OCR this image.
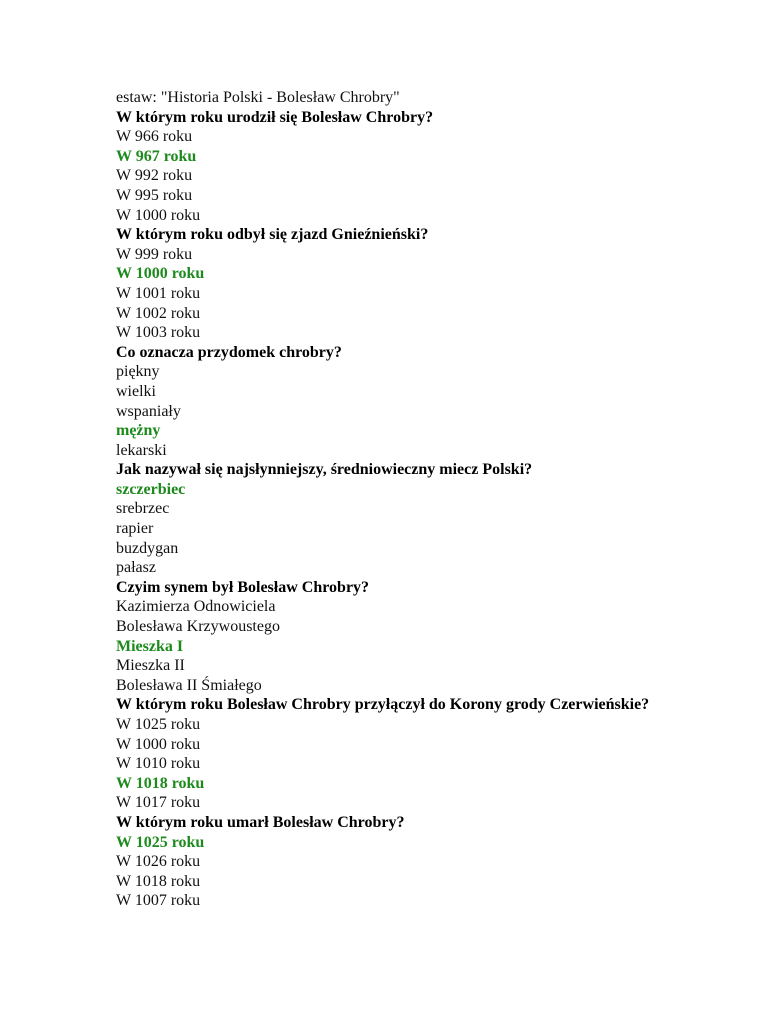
estaw: "Historia Polski - Bolesław Chrobry"
W którym roku urodził się Bolesław Chrobry?
W 966 roku
W 967 roku
W 992 roku
W 995 roku
W 1000 roku
W którym roku odbył się zjazd Gnieźnieński?
W 999 roku
W 1000 roku
W 1001 roku
W 1002 roku
W 1003 roku
Co oznacza przydomek chrobry?
piękny
wielki
wspaniały
mężny
lekarski
Jak nazywał się najsłynniejszy, średniowieczny miecz Polski?
szczerbiec
srebrzec
rapier
buzdygan
pałasz
Czyim synem był Bolesław Chrobry?
Kazimierza Odnowiciela
Bolesława Krzywoustego
Mieszka I
Mieszka II
Bolesława II Śmiałego
W którym roku Bolesław Chrobry przyłączył do Korony grody Czerwieńskie?
W 1025 roku
W 1000 roku
W 1010 roku
W 1018 roku
W 1017 roku
W którym roku umarł Bolesław Chrobry?
W 1025 roku
W 1026 roku
W 1018 roku
W 1007 roku
